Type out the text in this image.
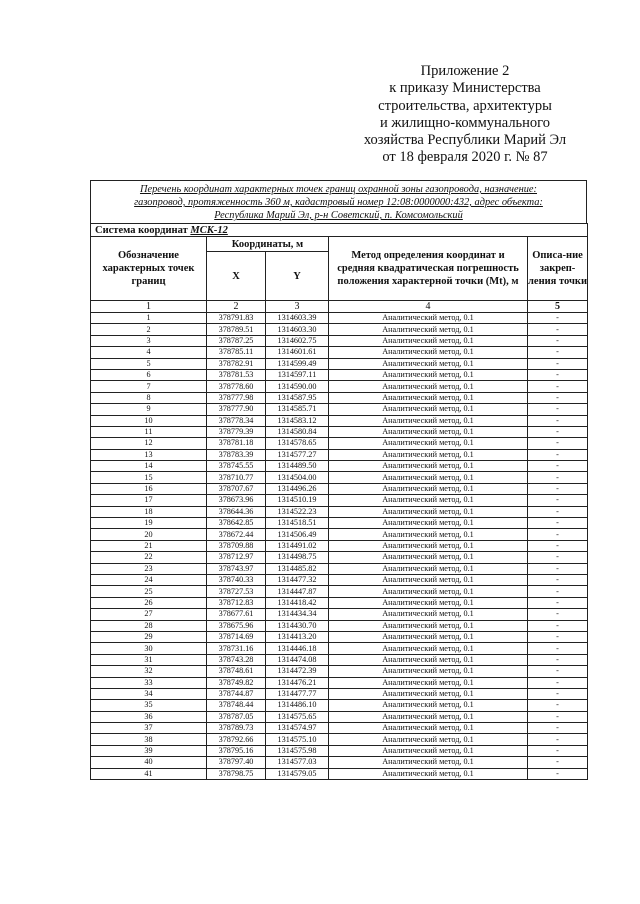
Приложение 2
к приказу Министерства
строительства, архитектуры
и жилищно-коммунального
хозяйства Республики Марий Эл
от 18 февраля 2020 г. № 87
Перечень координат характерных точек границ охранной зоны газопровода, назначение:
газопровод, протяженность 360 м, кадастровый номер 12:08:0000000:432, адрес объекта:
Республика Марий Эл, р-н Советский, п. Комсомольский
Система координат МСК-12				
Обозначение характерных точек границ	Координаты, м		Метод определения координат и средняя квадратическая погрешность положения характерной точки (Mt), м	Описа-ние закреп-ления точки
	X	Y		
1	2	3	4	5
1	378791.83	1314603.39	Аналитический метод, 0.1	-
2	378789.51	1314603.30	Аналитический метод, 0.1	-
3	378787.25	1314602.75	Аналитический метод, 0.1	-
4	378785.11	1314601.61	Аналитический метод, 0.1	-
5	378782.91	1314599.49	Аналитический метод, 0.1	-
6	378781.53	1314597.11	Аналитический метод, 0.1	-
7	378778.60	1314590.00	Аналитический метод, 0.1	-
8	378777.98	1314587.95	Аналитический метод, 0.1	-
9	378777.90	1314585.71	Аналитический метод, 0.1	-
10	378778.34	1314583.12	Аналитический метод, 0.1	-
11	378779.39	1314580.84	Аналитический метод, 0.1	-
12	378781.18	1314578.65	Аналитический метод, 0.1	-
13	378783.39	1314577.27	Аналитический метод, 0.1	-
14	378745.55	1314489.50	Аналитический метод, 0.1	-
15	378710.77	1314504.00	Аналитический метод, 0.1	-
16	378707.67	1314496.26	Аналитический метод, 0.1	-
17	378673.96	1314510.19	Аналитический метод, 0.1	-
18	378644.36	1314522.23	Аналитический метод, 0.1	-
19	378642.85	1314518.51	Аналитический метод, 0.1	-
20	378672.44	1314506.49	Аналитический метод, 0.1	-
21	378709.88	1314491.02	Аналитический метод, 0.1	-
22	378712.97	1314498.75	Аналитический метод, 0.1	-
23	378743.97	1314485.82	Аналитический метод, 0.1	-
24	378740.33	1314477.32	Аналитический метод, 0.1	-
25	378727.53	1314447.87	Аналитический метод, 0.1	-
26	378712.83	1314418.42	Аналитический метод, 0.1	-
27	378677.61	1314434.34	Аналитический метод, 0.1	-
28	378675.96	1314430.70	Аналитический метод, 0.1	-
29	378714.69	1314413.20	Аналитический метод, 0.1	-
30	378731.16	1314446.18	Аналитический метод, 0.1	-
31	378743.28	1314474.08	Аналитический метод, 0.1	-
32	378748.61	1314472.39	Аналитический метод, 0.1	-
33	378749.82	1314476.21	Аналитический метод, 0.1	-
34	378744.87	1314477.77	Аналитический метод, 0.1	-
35	378748.44	1314486.10	Аналитический метод, 0.1	-
36	378787.05	1314575.65	Аналитический метод, 0.1	-
37	378789.73	1314574.97	Аналитический метод, 0.1	-
38	378792.66	1314575.10	Аналитический метод, 0.1	-
39	378795.16	1314575.98	Аналитический метод, 0.1	-
40	378797.40	1314577.03	Аналитический метод, 0.1	-
41	378798.75	1314579.05	Аналитический метод, 0.1	-
